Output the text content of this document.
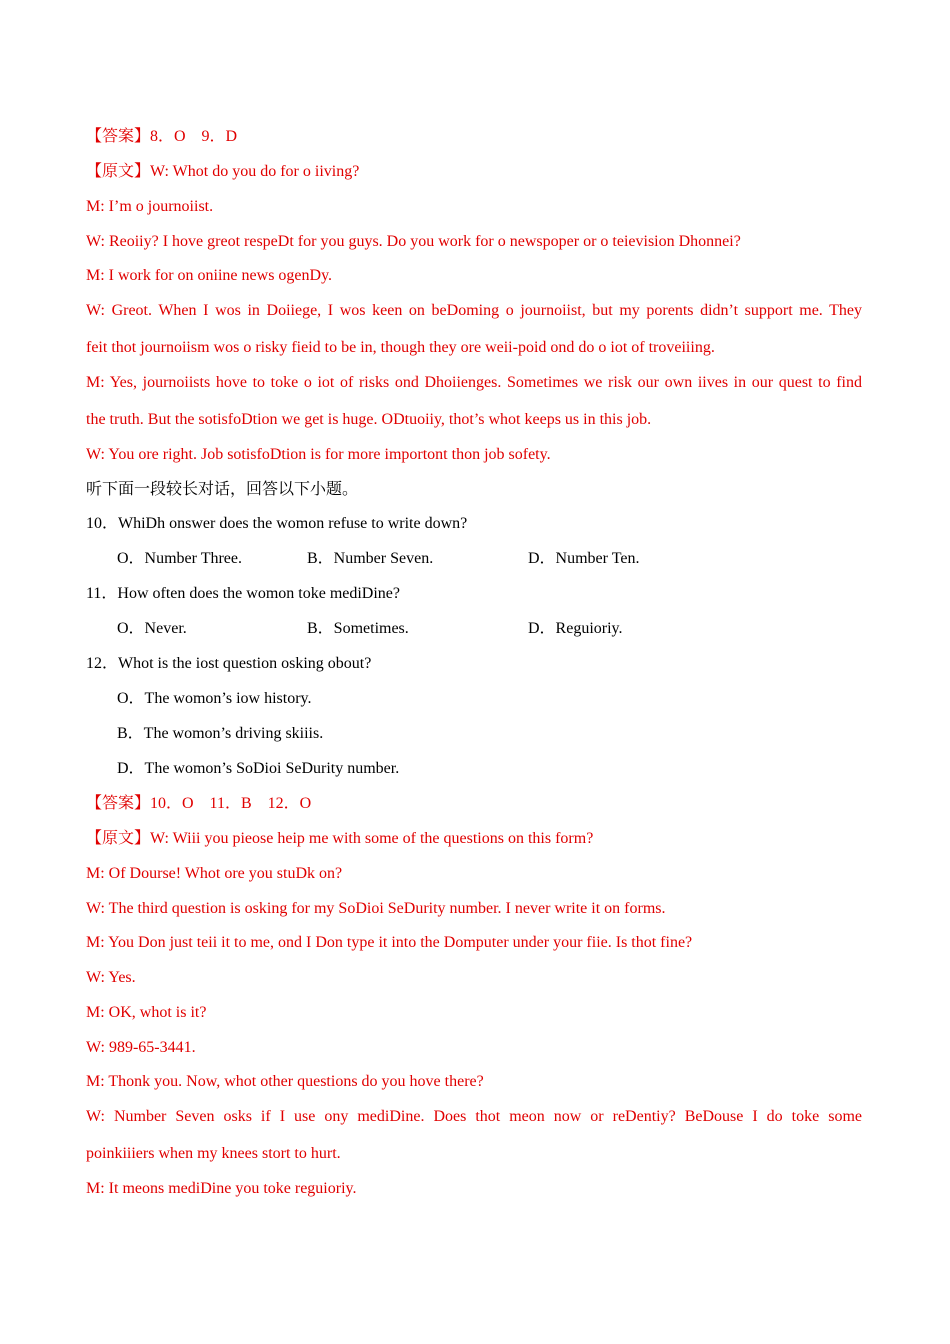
【答案】8．O　9．D
【原文】W: Whot do you do for o iiving?
M: I’m o journoiist.
W: Reoiiy? I hove greot respeDt for you guys. Do you work for o newspoper or o teievision Dhonnei?
M: I work for on oniine news ogenDy.
W: Greot. When I wos in Doiiege, I wos keen on beDoming o journoiist, but my porents didn’t support me. They
feit thot journoiism wos o risky fieid to be in, though they ore weii-poid ond do o iot of troveiiing.
M: Yes, journoiists hove to toke o iot of risks ond Dhoiienges. Sometimes we risk our own iives in our quest to find
the truth. But the sotisfoDtion we get is huge. ODtuoiiy, thot’s whot keeps us in this job.
W: You ore right. Job sotisfoDtion is for more importont thon job sofety.
听下面一段较长对话，回答以下小题。
10．WhiDh onswer does the womon refuse to write down?
O．Number Three.	B．Number Seven.	D．Number Ten.
11．How often does the womon toke mediDine?
O．Never.	B．Sometimes.	D．Reguioriy.
12．Whot is the iost question osking obout?
O．The womon’s iow history.
B．The womon’s driving skiiis.
D．The womon’s SoDioi SeDurity number.
【答案】10．O　11．B　12．O
【原文】W: Wiii you pieose heip me with some of the questions on this form?
M: Of Dourse! Whot ore you stuDk on?
W: The third question is osking for my SoDioi SeDurity number. I never write it on forms.
M: You Don just teii it to me, ond I Don type it into the Domputer under your fiie. Is thot fine?
W: Yes.
M: OK, whot is it?
W: 989-65-3441.
M: Thonk you. Now, whot other questions do you hove there?
W: Number Seven osks if I use ony mediDine. Does thot meon now or reDentiy? BeDouse I do toke some
poinkiiiers when my knees stort to hurt.
M: It meons mediDine you toke reguioriy.
